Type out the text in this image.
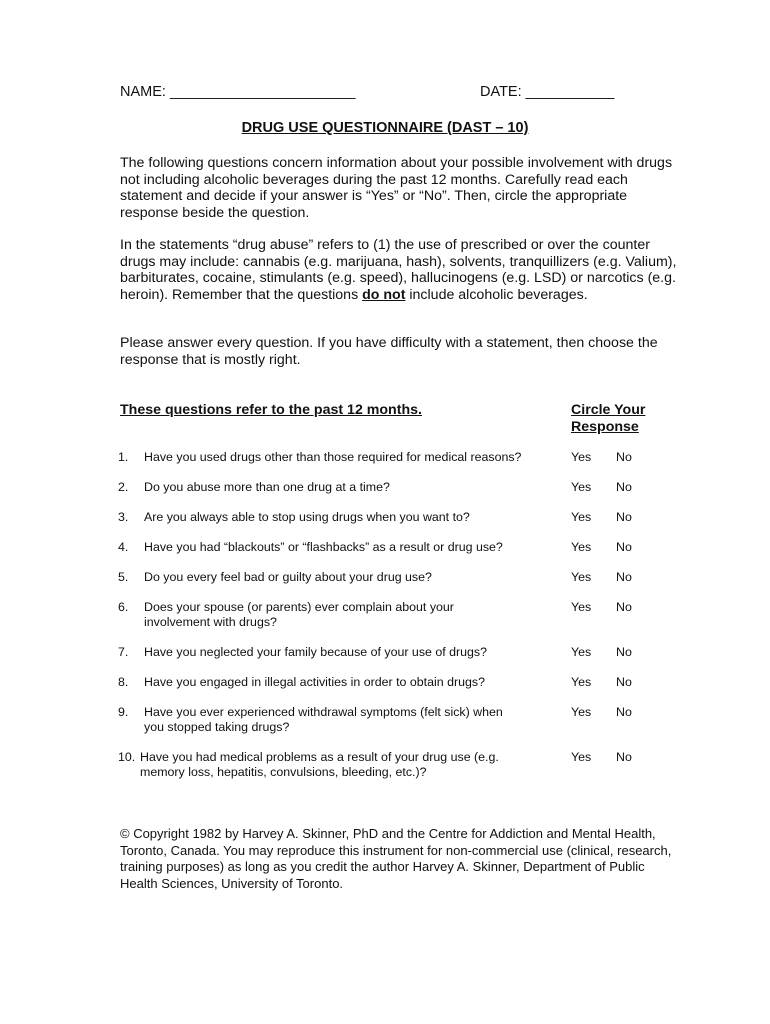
NAME: _______________________	DATE: ___________
DRUG USE QUESTIONNAIRE (DAST – 10)
The following questions concern information about your possible involvement with drugs not including alcoholic beverages during the past 12 months. Carefully read each statement and decide if your answer is “Yes” or “No”. Then, circle the appropriate response beside the question.
In the statements “drug abuse” refers to (1) the use of prescribed or over the counter drugs may include: cannabis (e.g. marijuana, hash), solvents, tranquillizers (e.g. Valium), barbiturates, cocaine, stimulants (e.g. speed), hallucinogens (e.g. LSD) or narcotics (e.g. heroin). Remember that the questions do not include alcoholic beverages.
Please answer every question. If you have difficulty with a statement, then choose the response that is mostly right.
These questions refer to the past 12 months.	Circle Your
Response
1. Have you used drugs other than those required for medical reasons?	Yes No
2. Do you abuse more than one drug at a time?	Yes No
3. Are you always able to stop using drugs when you want to?	Yes No
4. Have you had “blackouts” or “flashbacks” as a result or drug use?	Yes No
5. Do you every feel bad or guilty about your drug use?	Yes No
6. Does your spouse (or parents) ever complain about your involvement with drugs?
Yes No
7. Have you neglected your family because of your use of drugs?	Yes No
8. Have you engaged in illegal activities in order to obtain drugs?	Yes No
9. Have you ever experienced withdrawal symptoms (felt sick) when you stopped taking drugs?
Yes No
10. Have you had medical problems as a result of your drug use (e.g. memory loss, hepatitis, convulsions, bleeding, etc.)?
Yes No
© Copyright 1982 by Harvey A. Skinner, PhD and the Centre for Addiction and Mental Health, Toronto, Canada. You may reproduce this instrument for non-commercial use (clinical, research, training purposes) as long as you credit the author Harvey A. Skinner, Department of Public Health Sciences, University of Toronto.
